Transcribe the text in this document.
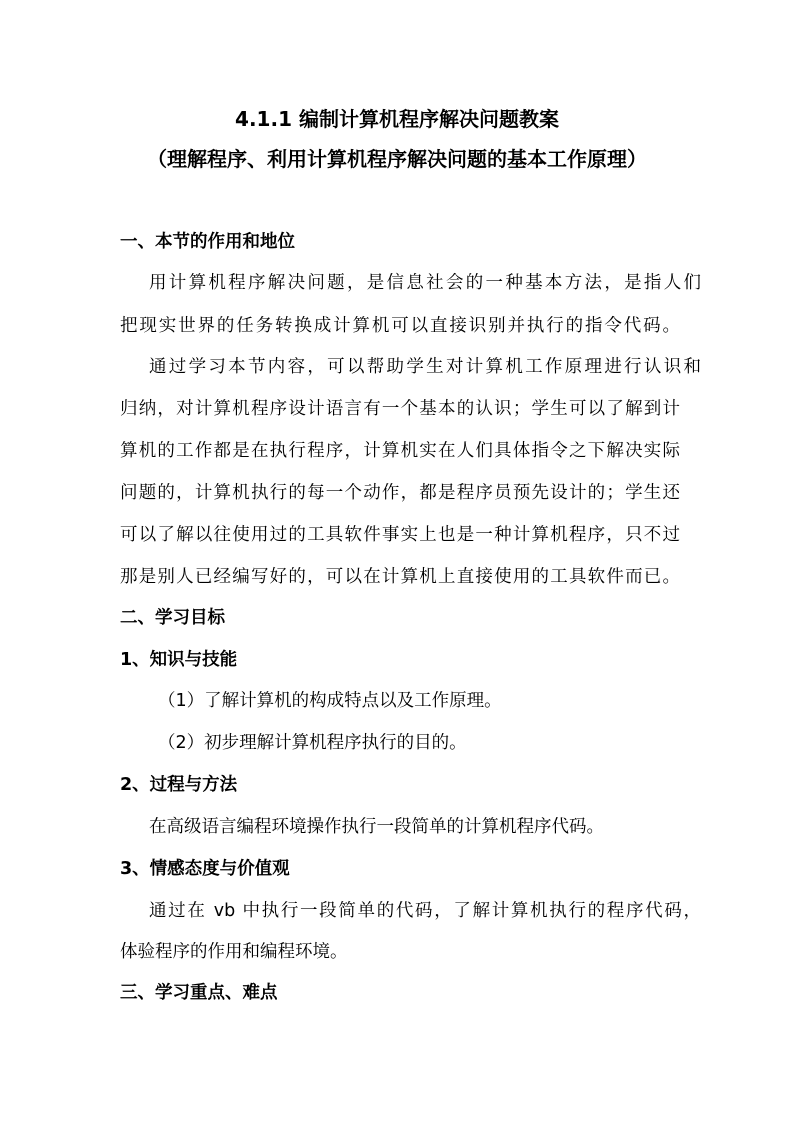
4.1.1 编制计算机程序解决问题教案
（理解程序、利用计算机程序解决问题的基本工作原理）
一、本节的作用和地位
用计算机程序解决问题，是信息社会的一种基本方法，是指人们
把现实世界的任务转换成计算机可以直接识别并执行的指令代码。
通过学习本节内容，可以帮助学生对计算机工作原理进行认识和
归纳，对计算机程序设计语言有一个基本的认识；学生可以了解到计
算机的工作都是在执行程序，计算机实在人们具体指令之下解决实际
问题的，计算机执行的每一个动作，都是程序员预先设计的；学生还
可以了解以往使用过的工具软件事实上也是一种计算机程序，只不过
那是别人已经编写好的，可以在计算机上直接使用的工具软件而已。
二、学习目标
1、知识与技能
（1）了解计算机的构成特点以及工作原理。
（2）初步理解计算机程序执行的目的。
2、过程与方法
在高级语言编程环境操作执行一段简单的计算机程序代码。
3、情感态度与价值观
通过在 vb 中执行一段简单的代码，了解计算机执行的程序代码，
体验程序的作用和编程环境。
三、学习重点、难点
